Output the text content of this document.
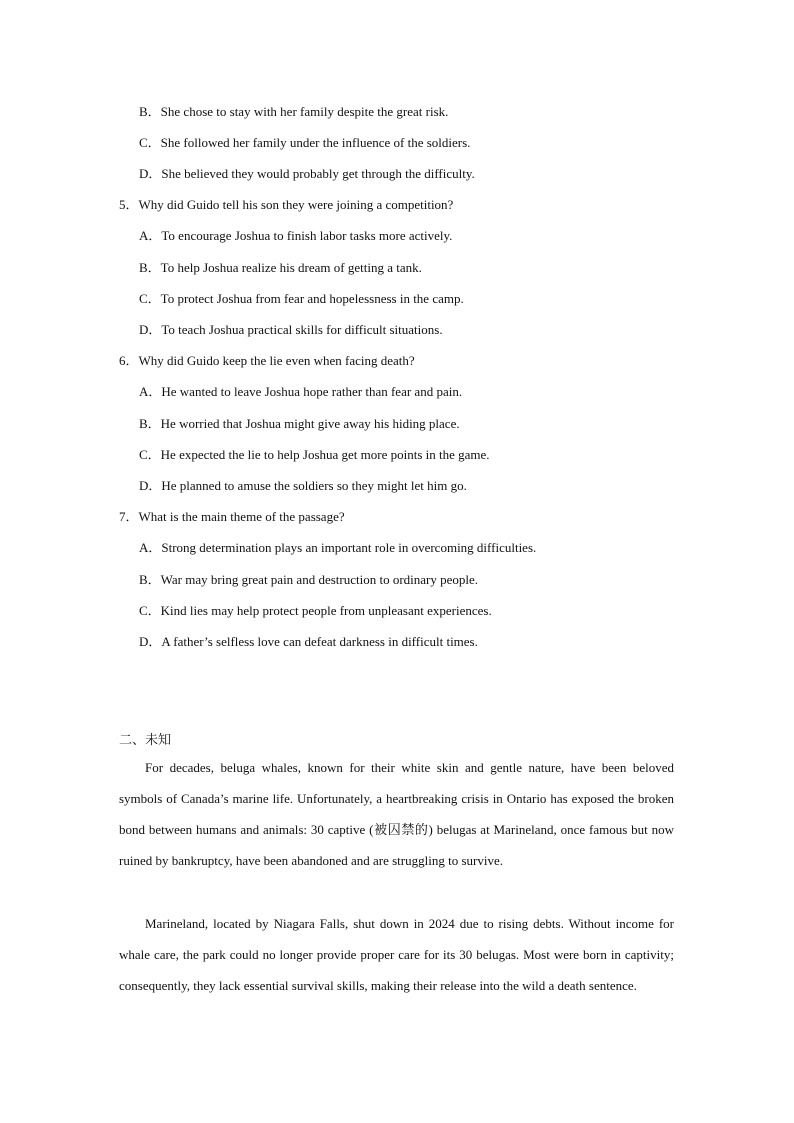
B．She chose to stay with her family despite the great risk.
C．She followed her family under the influence of the soldiers.
D．She believed they would probably get through the difficulty.
5．Why did Guido tell his son they were joining a competition?
A．To encourage Joshua to finish labor tasks more actively.
B．To help Joshua realize his dream of getting a tank.
C．To protect Joshua from fear and hopelessness in the camp.
D．To teach Joshua practical skills for difficult situations.
6．Why did Guido keep the lie even when facing death?
A．He wanted to leave Joshua hope rather than fear and pain.
B．He worried that Joshua might give away his hiding place.
C．He expected the lie to help Joshua get more points in the game.
D．He planned to amuse the soldiers so they might let him go.
7．What is the main theme of the passage?
A．Strong determination plays an important role in overcoming difficulties.
B．War may bring great pain and destruction to ordinary people.
C．Kind lies may help protect people from unpleasant experiences.
D．A father’s selfless love can defeat darkness in difficult times.
二、未知
For decades, beluga whales, known for their white skin and gentle nature, have been beloved symbols of Canada’s marine life. Unfortunately, a heartbreaking crisis in Ontario has exposed the broken bond between humans and animals: 30 captive (被囚禁的) belugas at Marineland, once famous but now ruined by bankruptcy, have been abandoned and are struggling to survive.
Marineland, located by Niagara Falls, shut down in 2024 due to rising debts. Without income for whale care, the park could no longer provide proper care for its 30 belugas. Most were born in captivity; consequently, they lack essential survival skills, making their release into the wild a death sentence.
